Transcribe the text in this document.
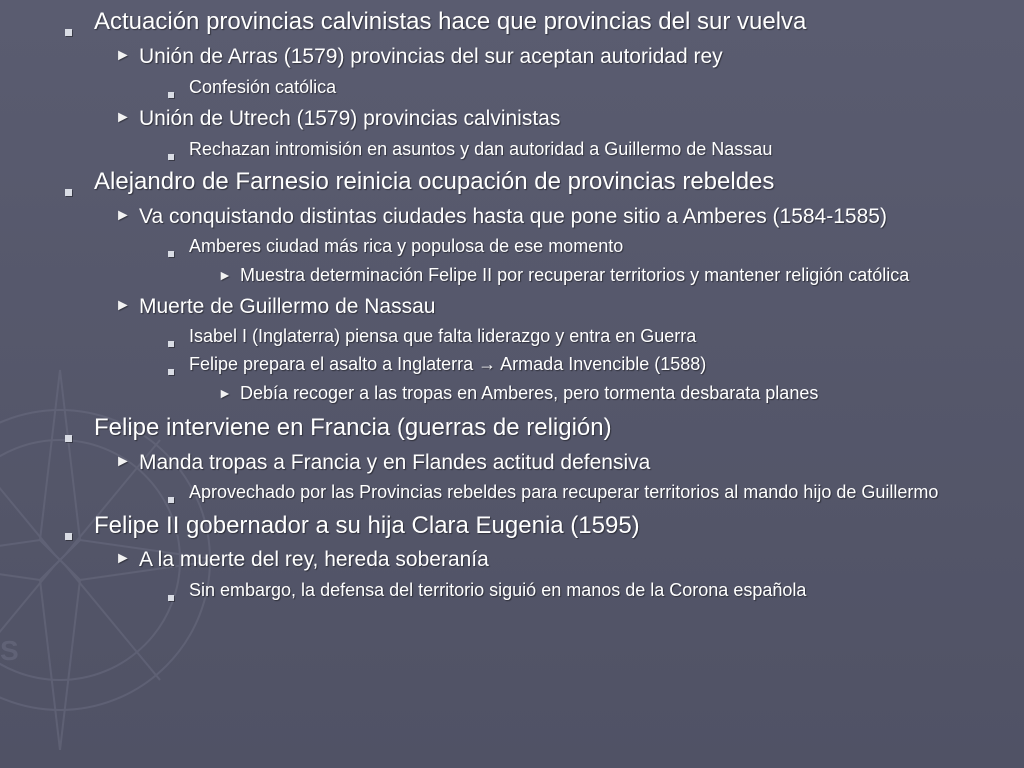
S
Actuación provincias calvinistas hace que provincias del sur vuelva
► Unión de Arras (1579) provincias del sur aceptan autoridad rey
Confesión católica
► Unión de Utrech (1579) provincias calvinistas
Rechazan intromisión en asuntos y dan autoridad a Guillermo de Nassau
Alejandro de Farnesio reinicia ocupación de provincias rebeldes
► Va conquistando distintas ciudades hasta que pone sitio a Amberes (1584-1585)
Amberes ciudad más rica y populosa de ese momento
► Muestra determinación Felipe II por recuperar territorios y mantener religión católica
► Muerte de Guillermo de Nassau
Isabel I (Inglaterra) piensa que falta liderazgo y entra en Guerra
Felipe prepara el asalto a Inglaterra → Armada Invencible (1588)
► Debía recoger a las tropas en Amberes, pero tormenta desbarata planes
Felipe interviene en Francia (guerras de religión)
► Manda tropas a Francia y en Flandes actitud defensiva
Aprovechado por las Provincias rebeldes para recuperar territorios al mando hijo de Guillermo
Felipe II gobernador a su hija Clara Eugenia (1595)
► A la muerte del rey, hereda soberanía
Sin embargo, la defensa del territorio siguió en manos de la Corona española
